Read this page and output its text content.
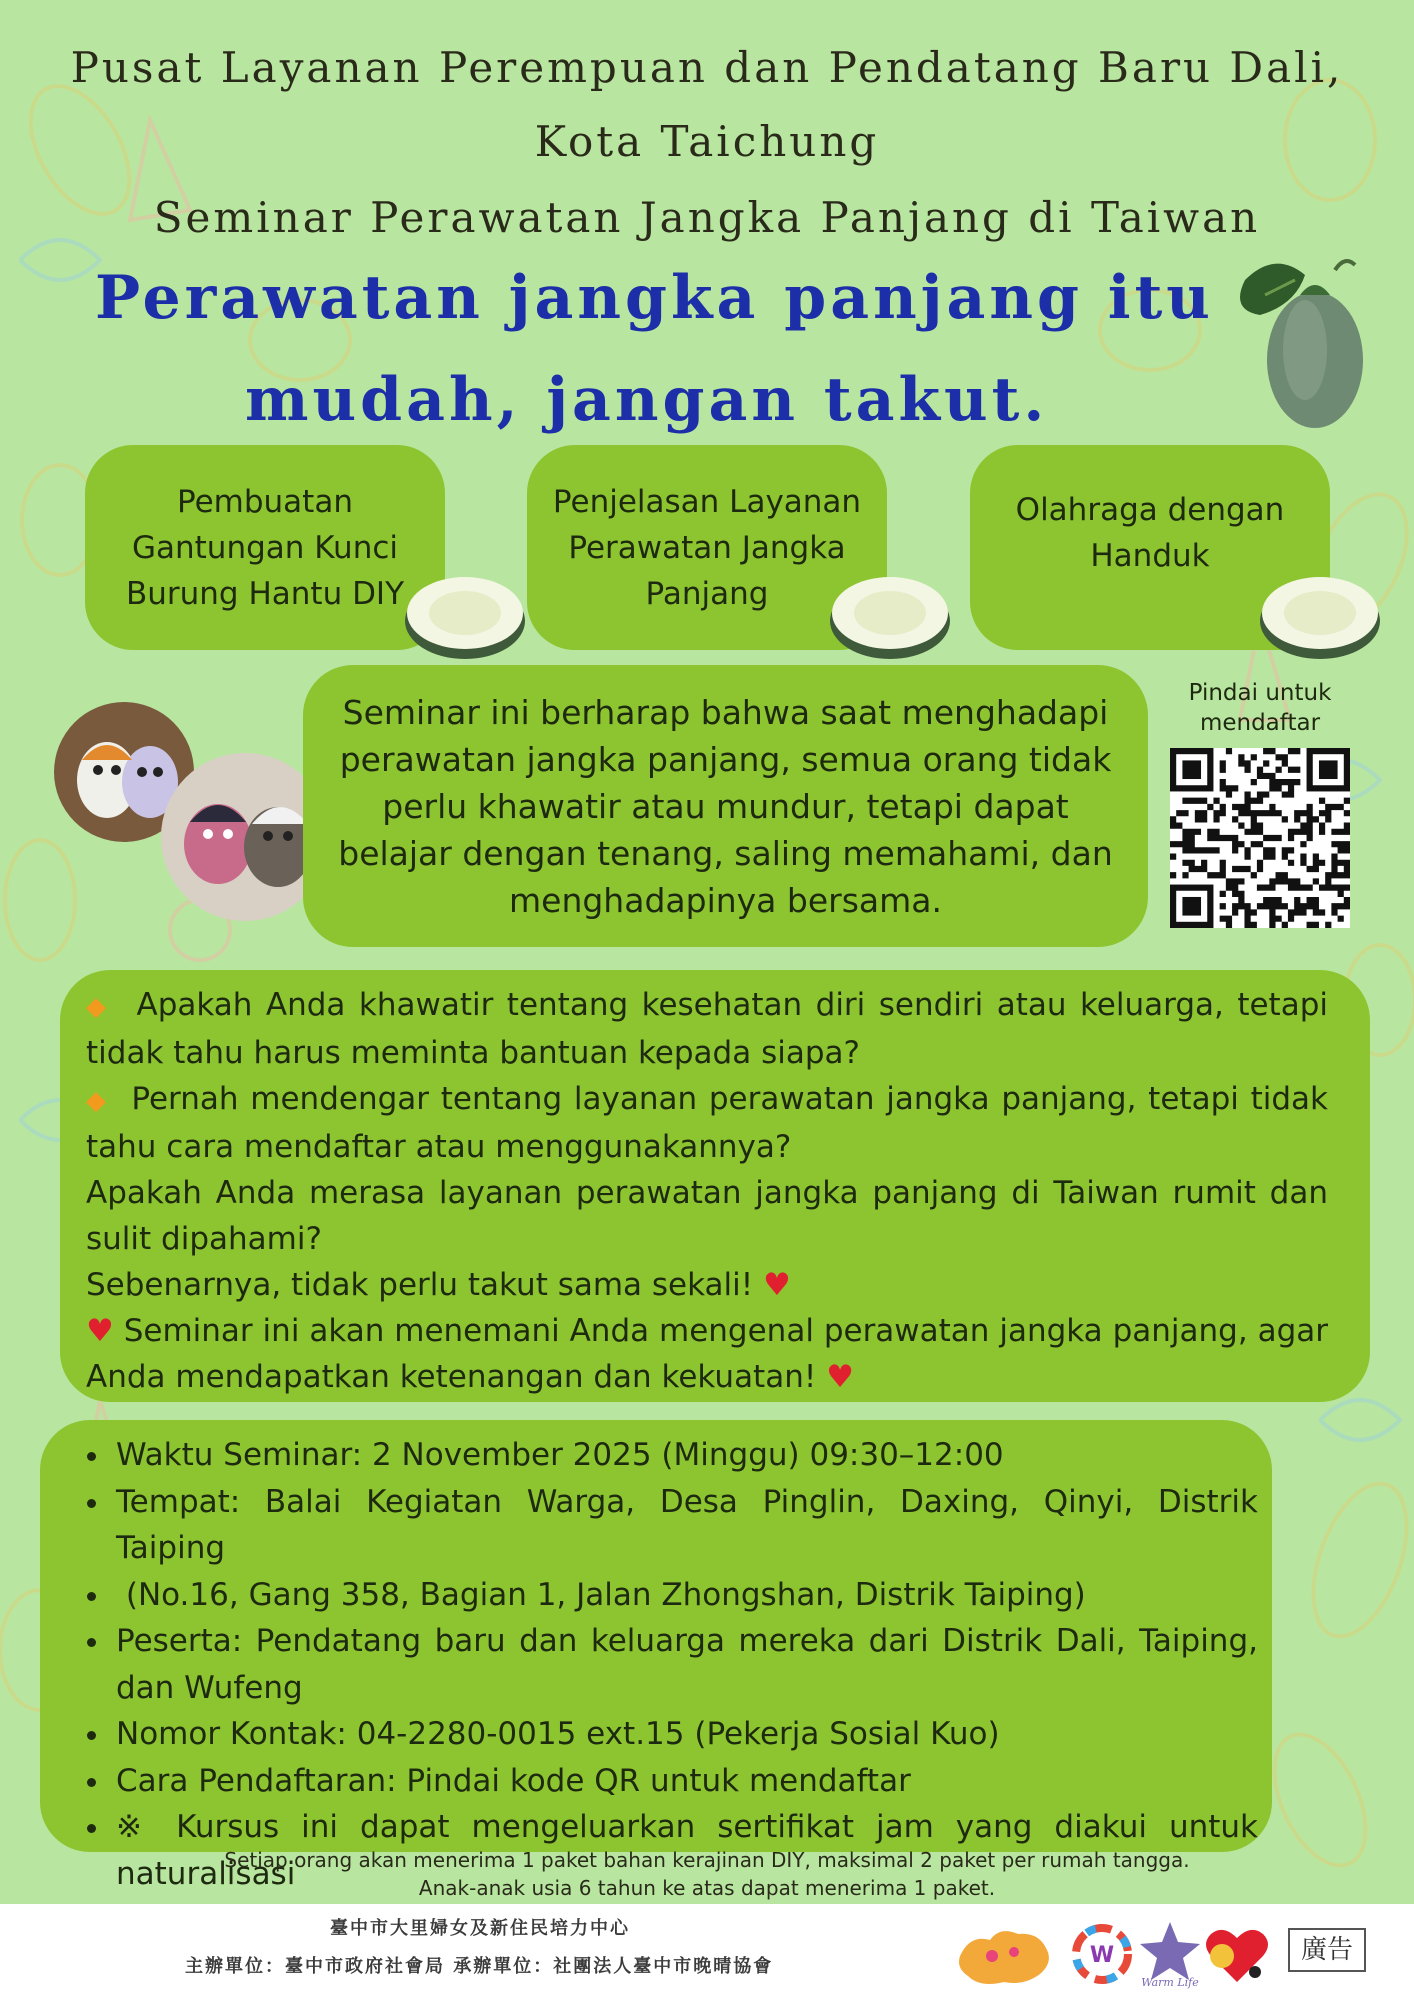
Pusat Layanan Perempuan dan Pendatang Baru Dali,
Kota Taichung
Seminar Perawatan Jangka Panjang di Taiwan
Perawatan jangka panjang itu
mudah, jangan takut.
Pembuatan Gantungan Kunci Burung Hantu DIY
Penjelasan Layanan Perawatan Jangka Panjang
Olahraga dengan Handuk
Seminar ini berharap bahwa saat menghadapi perawatan jangka panjang, semua orang tidak perlu khawatir atau mundur, tetapi dapat belajar dengan tenang, saling memahami, dan menghadapinya bersama.
Pindai untuk mendaftar

◆ Apakah Anda khawatir tentang kesehatan diri sendiri atau keluarga, tetapi tidak tahu harus meminta bantuan kepada siapa?

◆ Pernah mendengar tentang layanan perawatan jangka panjang, tetapi tidak tahu cara mendaftar atau menggunakannya?

Apakah Anda merasa layanan perawatan jangka panjang di Taiwan rumit dan sulit dipahami?

Sebenarnya, tidak perlu takut sama sekali! ♥

♥ Seminar ini akan menemani Anda mengenal perawatan jangka panjang, agar Anda mendapatkan ketenangan dan kekuatan! ♥

• Waktu Seminar: 2 November 2025 (Minggu) 09:30–12:00
• Tempat: Balai Kegiatan Warga, Desa Pinglin, Daxing, Qinyi, Distrik Taiping
•  (No.16, Gang 358, Bagian 1, Jalan Zhongshan, Distrik Taiping)
• Peserta: Pendatang baru dan keluarga mereka dari Distrik Dali, Taiping, dan Wufeng
• Nomor Kontak: 04-2280-0015 ext.15 (Pekerja Sosial Kuo)
• Cara Pendaftaran: Pindai kode QR untuk mendaftar
• ※ Kursus ini dapat mengeluarkan sertifikat jam yang diakui untuk naturalisasi
Setiap orang akan menerima 1 paket bahan kerajinan DIY, maksimal 2 paket per rumah tangga.
Anak-anak usia 6 tahun ke atas dapat menerima 1 paket.
臺中市大里婦女及新住民培力中心
主辦單位：臺中市政府社會局 承辦單位：社團法人臺中市晚晴協會	W
Warm Life
廣告
